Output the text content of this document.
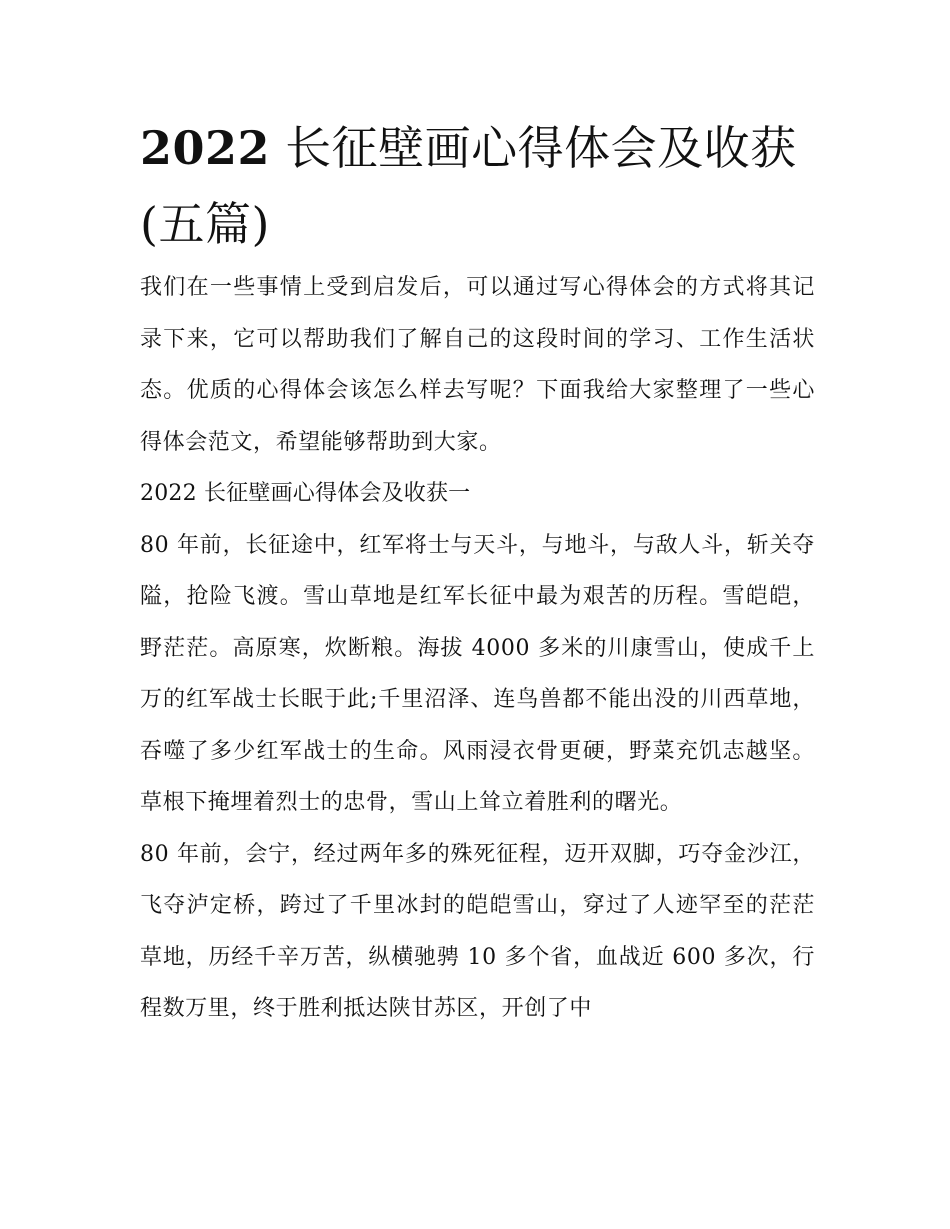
2022 长征壁画心得体会及收获(五篇)

我们在一些事情上受到启发后，可以通过写心得体会的方式将其记录下来，它可以帮助我们了解自己的这段时间的学习、工作生活状态。优质的心得体会该怎么样去写呢？下面我给大家整理了一些心得体会范文，希望能够帮助到大家。

2022 长征壁画心得体会及收获一

80 年前，长征途中，红军将士与天斗，与地斗，与敌人斗，斩关夺隘，抢险飞渡。雪山草地是红军长征中最为艰苦的历程。雪皑皑，野茫茫。高原寒，炊断粮。海拔 4000 多米的川康雪山，使成千上万的红军战士长眠于此;千里沼泽、连鸟兽都不能出没的川西草地，吞噬了多少红军战士的生命。风雨浸衣骨更硬，野菜充饥志越坚。草根下掩埋着烈士的忠骨，雪山上耸立着胜利的曙光。

80 年前，会宁，经过两年多的殊死征程，迈开双脚，巧夺金沙江，飞夺泸定桥，跨过了千里冰封的皑皑雪山，穿过了人迹罕至的茫茫草地，历经千辛万苦，纵横驰骋 10 多个省，血战近 600 多次，行程数万里，终于胜利抵达陕甘苏区，开创了中
